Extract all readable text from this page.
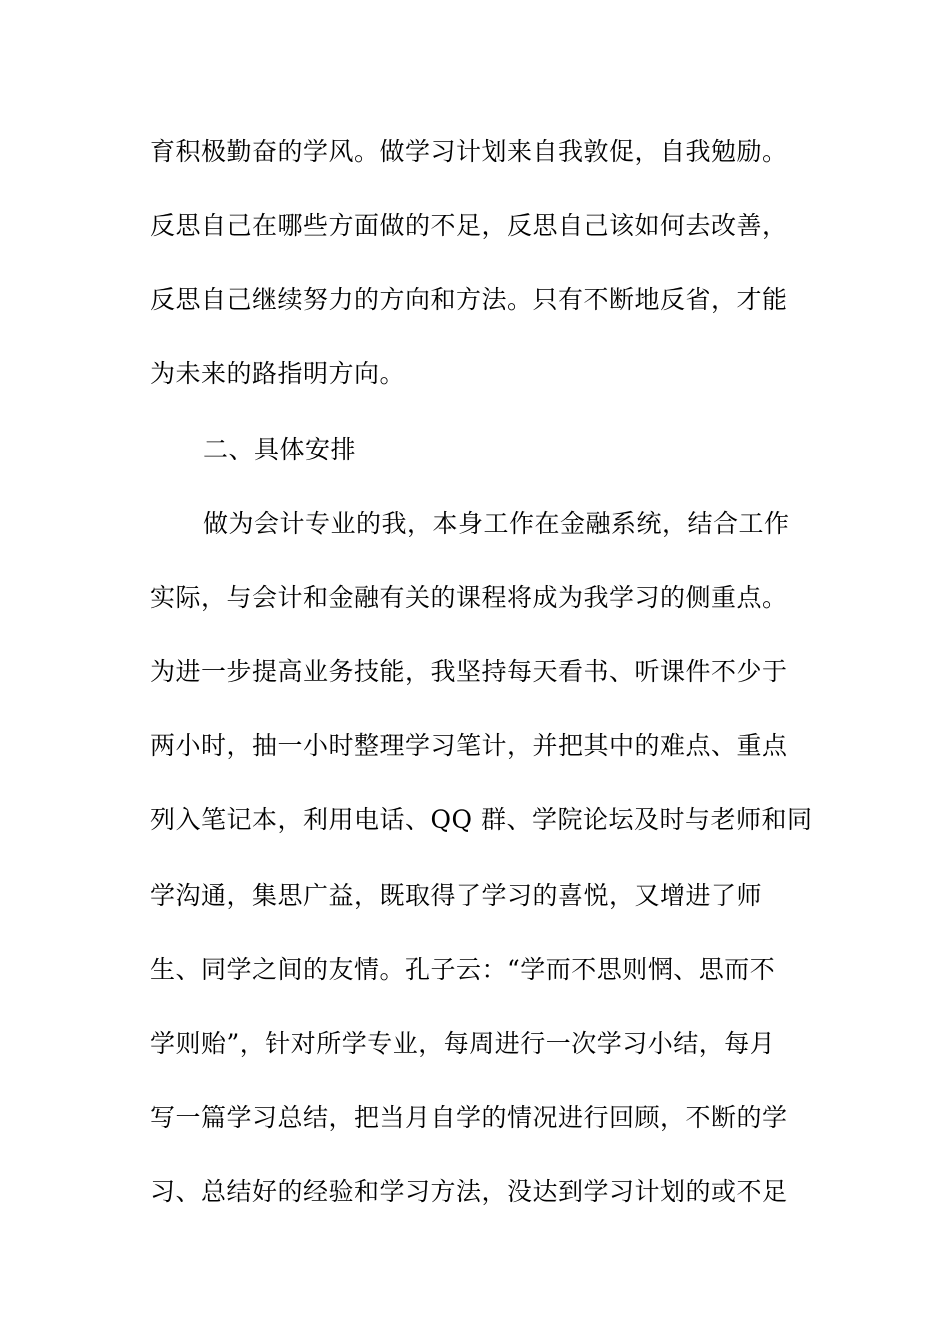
育积极勤奋的学风。做学习计划来自我敦促，自我勉励。
反思自己在哪些方面做的不足，反思自己该如何去改善，
反思自己继续努力的方向和方法。只有不断地反省，才能
为未来的路指明方向。
二、具体安排
做为会计专业的我，本身工作在金融系统，结合工作
实际，与会计和金融有关的课程将成为我学习的侧重点。
为进一步提高业务技能，我坚持每天看书、听课件不少于
两小时，抽一小时整理学习笔计，并把其中的难点、重点
列入笔记本，利用电话、QQ 群、学院论坛及时与老师和同
学沟通，集思广益，既取得了学习的喜悦，又增进了师
生、同学之间的友情。孔子云：“学而不思则惘、思而不
学则贻”，针对所学专业，每周进行一次学习小结，每月
写一篇学习总结，把当月自学的情况进行回顾，不断的学
习、总结好的经验和学习方法，没达到学习计划的或不足
